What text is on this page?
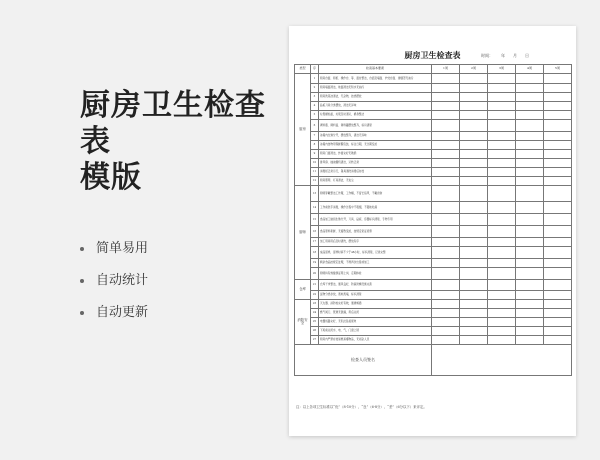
厨房卫生检查表
模版
简单易用
自动统计
自动更新
厨房卫生检查表	时间： 年 月 日
类型	序	检查基本要素	1周	2周	3周	4周	5周
厨房	1	厨房台面、厨柜、操作台、等、面台整洁，台面及墙面、炉灶台面、排烟罩无油污					
	2	厨房墙面清洁，地面清洁无积水无油污					
	3	厨房洗菜池清洁，无杂物，按类摆放					
	4	砧板刀具分类摆放，清洁无异味					
	5	垃圾桶加盖，垃圾及时清运，桶身整洁					
	6	调料瓶、调料盒、调料罐摆放整齐，标识清楚					
	7	冰箱内生熟分开，摆放整齐，清洁无异味					
	8	冰箱内食物用保鲜膜包装，标注日期，无过期变质					
	9	厨房门窗清洁，纱窗完好无破损					
	10	排风扇、抽油烟机清洁，运转正常					
	11	消毒柜正常运行，餐具清洗消毒后存放					
	12	厨房照明、灯具清洁，无灰尘					
厨师	13	厨师穿戴整洁工作服、工作帽，不留长指甲，不戴首饰					
	14	工作前洗手消毒，操作过程中不吸烟，不随地吐痰					
	15	食品加工做到生熟分开，刀具、砧板、容器标识清楚，专物专用					
	16	食品原料新鲜，无腐败变质，按规定索证索票					
	17	加工用具用后及时清洗，摆放有序					
	18	成品留样，留样时间不少于48小时，标识清楚，记录完整					
	19	剩余食品按规定处理，不得再次出售或加工					
	20	厨师持有效健康证明上岗，定期体检					
仓库	21	仓库干净整洁，通风良好，防鼠防蝇设施完善					
	22	货物分类存放，离地离墙，标识清楚					
消防安全	23	灭火器、消防栓完好有效，通道畅通					
	24	燃气阀门、管道无泄漏，用后关闭					
	25	电器线路完好，无私拉乱接现象					
	26	下班前关闭水、电、气，门窗上锁					
	27	厨房内严禁存放易燃易爆物品，无闲杂人员					
检查人员签名							
注：以上各项卫生标准以“优”（8-10分）、“良”（6-8分）、“差”（6分以下）来评定。
